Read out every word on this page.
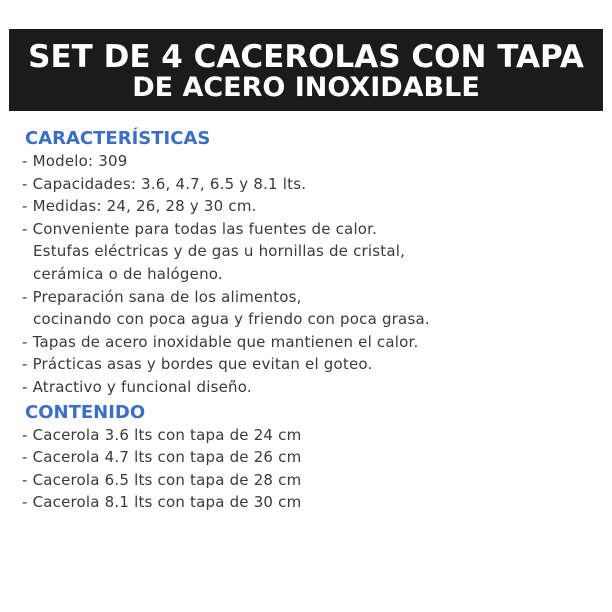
SET DE 4 CACEROLAS CON TAPA
DE ACERO INOXIDABLE
CARACTERÍSTICAS
- Modelo: 309
- Capacidades: 3.6, 4.7, 6.5 y 8.1 lts.
- Medidas: 24, 26, 28 y 30 cm.
- Conveniente para todas las fuentes de calor.
Estufas eléctricas y de gas u hornillas de cristal,
cerámica o de halógeno.
- Preparación sana de los alimentos,
cocinando con poca agua y friendo con poca grasa.
- Tapas de acero inoxidable que mantienen el calor.
- Prácticas asas y bordes que evitan el goteo.
- Atractivo y funcional diseño.
CONTENIDO
- Cacerola 3.6 lts con tapa de 24 cm
- Cacerola 4.7 lts con tapa de 26 cm
- Cacerola 6.5 lts con tapa de 28 cm
- Cacerola 8.1 lts con tapa de 30 cm
